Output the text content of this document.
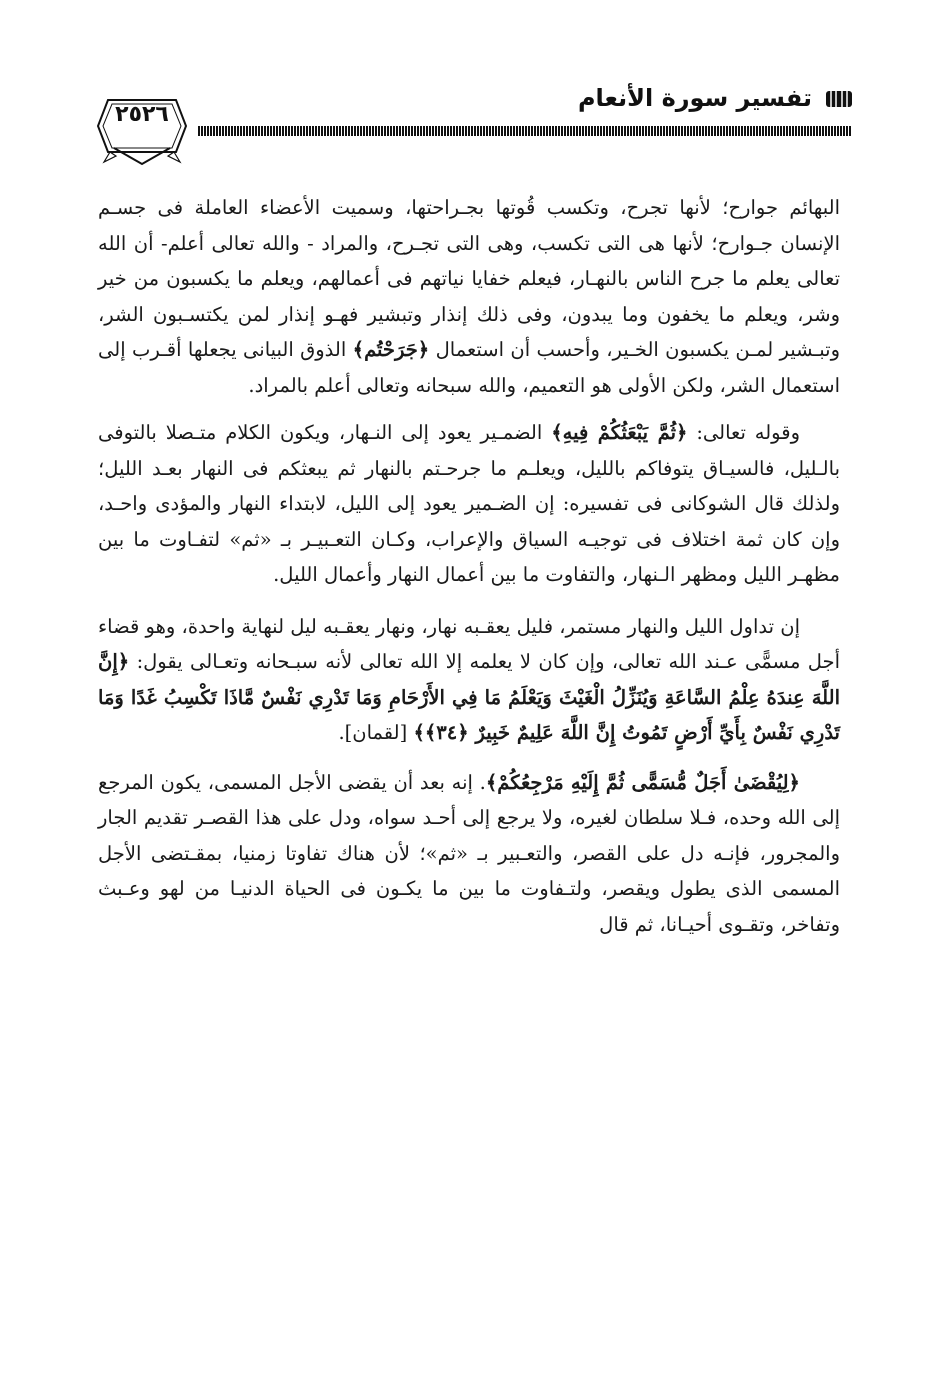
تفسير سورة الأنعام
٢٥٢٦

البهائم جوارح؛ لأنها تجرح، وتكسب قُوتها بجـراحتها، وسميت الأعضاء العاملة فى جسـم الإنسان جـوارح؛ لأنها هى التى تكسب، وهى التى تجـرح، والمراد - والله تعالى أعلم- أن الله تعالى يعلم ما جرح الناس بالنهـار، فيعلم خفايا نياتهم فى أعمالهم، ويعلم ما يكسبون من خير وشر، ويعلم ما يخفون وما يبدون، وفى ذلك إنذار وتبشير فهـو إنذار لمن يكتسـبون الشر، وتبـشير لمـن يكسبون الخـير، وأحسب أن استعمال ﴿جَرَحْتُم﴾ الذوق البيانى يجعلها أقـرب إلى استعمال الشر، ولكن الأولى هو التعميم، والله سبحانه وتعالى أعلم بالمراد.

وقوله تعالى: ﴿ثُمَّ يَبْعَثُكُمْ فِيهِ﴾ الضمـير يعود إلى النـهار، ويكون الكلام متـصلا بالتوفى بالـليل، فالسيـاق يتوفاكم بالليل، ويعلـم ما جرحـتم بالنهار ثم يبعثكم فى النهار بعـد الليل؛ ولذلك قال الشوكانى فى تفسيره: إن الضـمير يعود إلى الليل، لابتداء النهار والمؤدى واحـد، وإن كان ثمة اختلاف فى توجيـه السياق والإعراب، وكـان التعـبيـر بـ «ثم» لتفـاوت ما بين مظهـر الليل ومظهر الـنهار، والتفاوت ما بين أعمال النهار وأعمال الليل.

إن تداول الليل والنهار مستمر، فليل يعقـبه نهار، ونهار يعقـبه ليل لنهاية واحدة، وهو قضاء أجل مسمًّى عـند الله تعالى، وإن كان لا يعلمه إلا الله تعالى لأنه سبـحانه وتعـالى يقول: ﴿إِنَّ اللَّهَ عِندَهُ عِلْمُ السَّاعَةِ وَيُنَزِّلُ الْغَيْثَ وَيَعْلَمُ مَا فِي الأَرْحَامِ وَمَا تَدْرِي نَفْسٌ مَّاذَا تَكْسِبُ غَدًا وَمَا تَدْرِي نَفْسٌ بِأَيِّ أَرْضٍ تَمُوتُ إِنَّ اللَّهَ عَلِيمٌ خَبِيرٌ ﴿٣٤﴾﴾ [لقمان].

﴿لِيُقْضَىٰ أَجَلٌ مُّسَمًّى ثُمَّ إِلَيْهِ مَرْجِعُكُمْ﴾. إنه بعد أن يقضى الأجل المسمى، يكون المرجع إلى الله وحده، فـلا سلطان لغيره، ولا يرجع إلى أحـد سواه، ودل على هذا القصـر تقديم الجار والمجرور، فإنـه دل على القصر، والتعـبير بـ «ثم»؛ لأن هناك تفاوتا زمنيا، بمقـتضى الأجل المسمى الذى يطول ويقصر، ولتـفاوت ما بين ما يكـون فى الحياة الدنيـا من لهو وعـبث وتفاخر، وتقـوى أحيـانا، ثم قال
